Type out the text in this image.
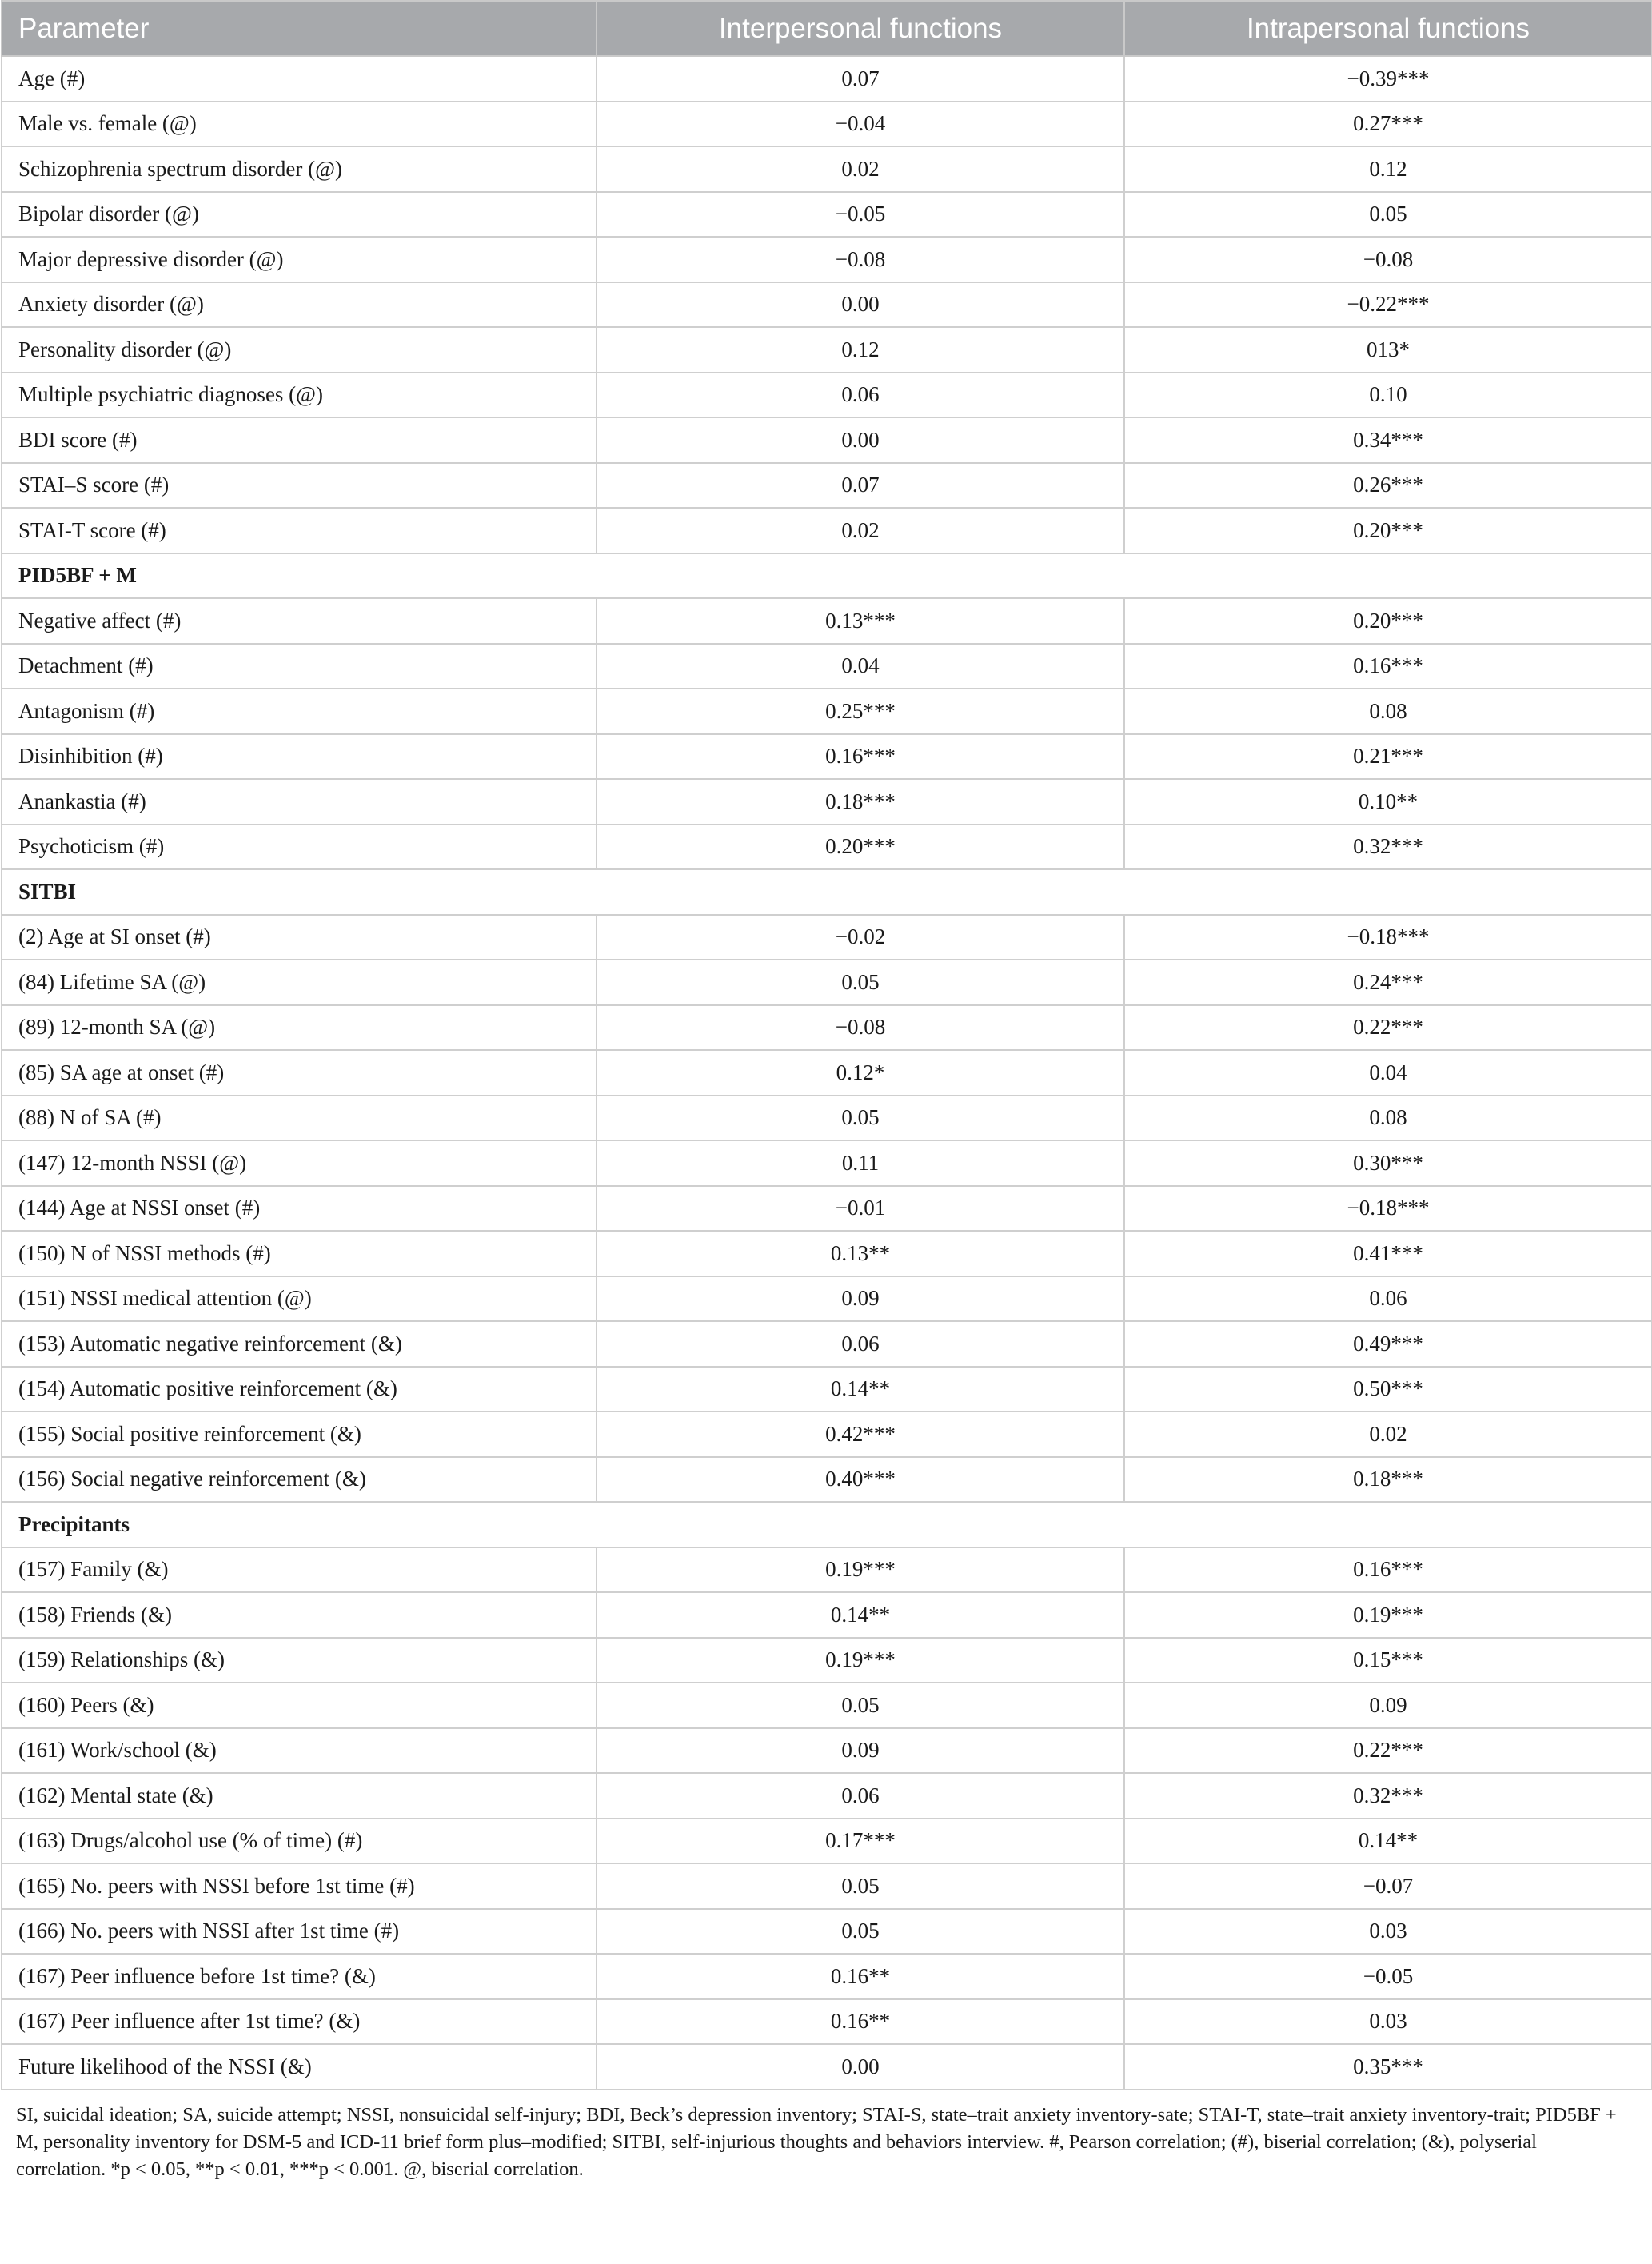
Parameter	Interpersonal functions	Intrapersonal functions
Age (#)	0.07	−0.39***
Male vs. female (@)	−0.04	0.27***
Schizophrenia spectrum disorder (@)	0.02	0.12
Bipolar disorder (@)	−0.05	0.05
Major depressive disorder (@)	−0.08	−0.08
Anxiety disorder (@)	0.00	−0.22***
Personality disorder (@)	0.12	013*
Multiple psychiatric diagnoses (@)	0.06	0.10
BDI score (#)	0.00	0.34***
STAI–S score (#)	0.07	0.26***
STAI-T score (#)	0.02	0.20***
PID5BF + M		
Negative affect (#)	0.13***	0.20***
Detachment (#)	0.04	0.16***
Antagonism (#)	0.25***	0.08
Disinhibition (#)	0.16***	0.21***
Anankastia (#)	0.18***	0.10**
Psychoticism (#)	0.20***	0.32***
SITBI		
(2) Age at SI onset (#)	−0.02	−0.18***
(84) Lifetime SA (@)	0.05	0.24***
(89) 12-month SA (@)	−0.08	0.22***
(85) SA age at onset (#)	0.12*	0.04
(88) N of SA (#)	0.05	0.08
(147) 12-month NSSI (@)	0.11	0.30***
(144) Age at NSSI onset (#)	−0.01	−0.18***
(150) N of NSSI methods (#)	0.13**	0.41***
(151) NSSI medical attention (@)	0.09	0.06
(153) Automatic negative reinforcement (&)	0.06	0.49***
(154) Automatic positive reinforcement (&)	0.14**	0.50***
(155) Social positive reinforcement (&)	0.42***	0.02
(156) Social negative reinforcement (&)	0.40***	0.18***
Precipitants		
(157) Family (&)	0.19***	0.16***
(158) Friends (&)	0.14**	0.19***
(159) Relationships (&)	0.19***	0.15***
(160) Peers (&)	0.05	0.09
(161) Work/school (&)	0.09	0.22***
(162) Mental state (&)	0.06	0.32***
(163) Drugs/alcohol use (% of time) (#)	0.17***	0.14**
(165) No. peers with NSSI before 1st time (#)	0.05	−0.07
(166) No. peers with NSSI after 1st time (#)	0.05	0.03
(167) Peer influence before 1st time? (&)	0.16**	−0.05
(167) Peer influence after 1st time? (&)	0.16**	0.03
Future likelihood of the NSSI (&)	0.00	0.35***
SI, suicidal ideation; SA, suicide attempt; NSSI, nonsuicidal self-injury; BDI, Beck’s depression inventory; STAI-S, state–trait anxiety inventory-sate; STAI-T, state–trait anxiety inventory-trait; PID5BF + M, personality inventory for DSM-5 and ICD-11 brief form plus–modified; SITBI, self-injurious thoughts and behaviors interview. #, Pearson correlation; (#), biserial correlation; (&), polyserial correlation. *p < 0.05, **p < 0.01, ***p < 0.001. @, biserial correlation.
